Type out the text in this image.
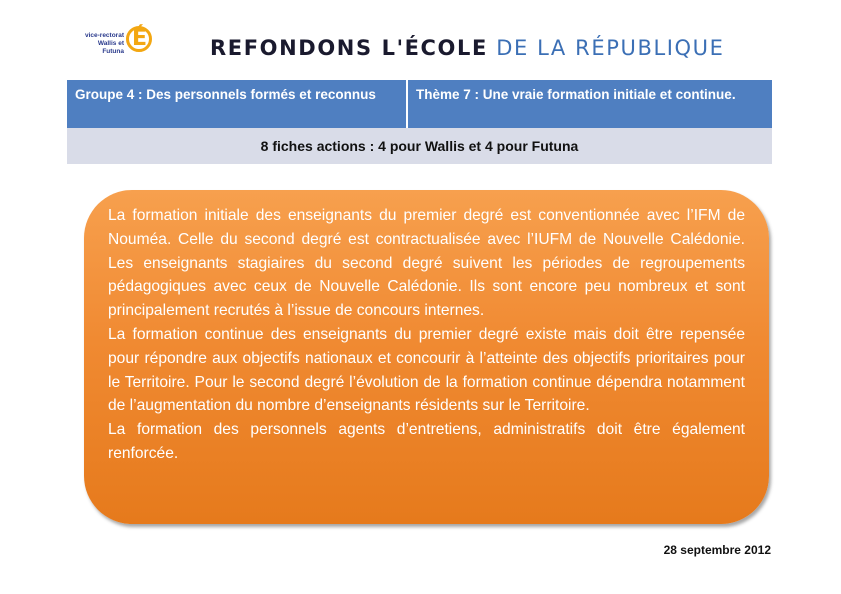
vice-rectorat
Wallis et Futuna
É	REFONDONS L'ÉCOLE DE LA RÉPUBLIQUE
Groupe 4 : Des personnels formés et reconnus	Thème 7 : Une vraie formation initiale et continue.
8 fiches actions : 4 pour Wallis et 4 pour Futuna

La formation initiale des enseignants du premier degré est conventionnée avec l’IFM de Nouméa. Celle du second degré est contractualisée avec l’IUFM de Nouvelle Calédonie. Les enseignants stagiaires du second degré suivent les périodes de regroupements pédagogiques avec ceux de Nouvelle Calédonie. Ils sont encore peu nombreux et sont principalement recrutés à l’issue de concours internes.

La formation continue des enseignants du premier degré existe mais doit être repensée pour répondre aux objectifs nationaux et concourir à l’atteinte des objectifs prioritaires pour le Territoire. Pour le second degré l’évolution de la formation continue dépendra notamment de l’augmentation du nombre d’enseignants résidents sur le Territoire.

La formation des personnels agents d’entretiens, administratifs doit être également renforcée.

28 septembre 2012
